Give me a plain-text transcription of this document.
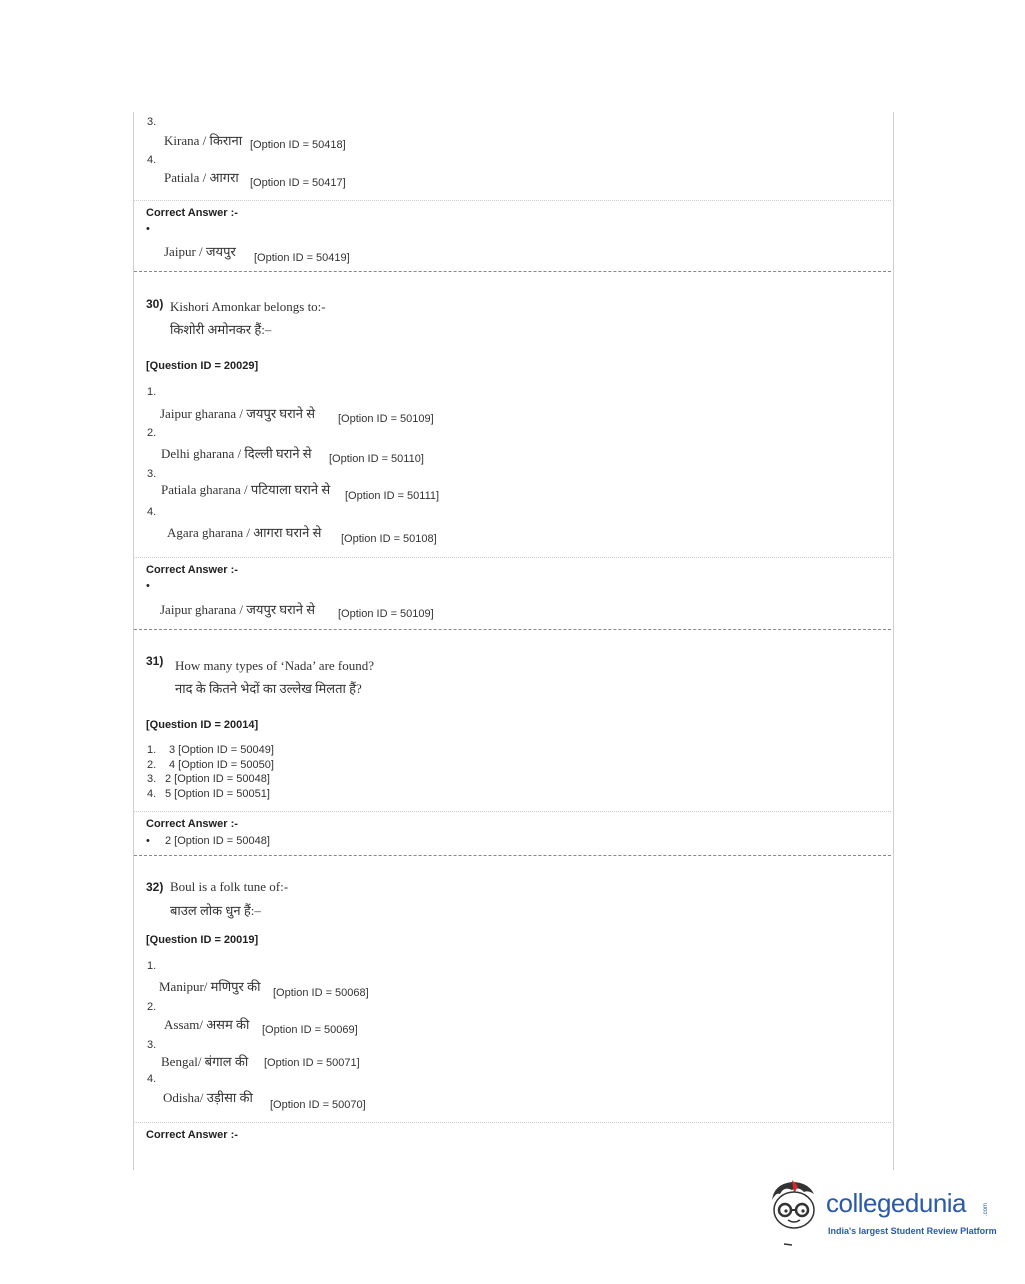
3.
Kirana / किराना [Option ID = 50418]
4.
Patiala / आगरा [Option ID = 50417]
Correct Answer :-
•
Jaipur / जयपुर [Option ID = 50419]
30) Kishori Amonkar belongs to:-
किशोरी अमोनकर हैं:–
[Question ID = 20029]
1.
Jaipur gharana / जयपुर घराने से [Option ID = 50109]
2.
Delhi gharana / दिल्ली घराने से [Option ID = 50110]
3.
Patiala gharana / पटियाला घराने से [Option ID = 50111]
4.
Agara gharana / आगरा घराने से [Option ID = 50108]
Correct Answer :-
•
Jaipur gharana / जयपुर घराने से [Option ID = 50109]
31) How many types of ‘Nada’ are found?
नाद के कितने भेदों का उल्लेख मिलता हैं?
[Question ID = 20014]
1. 3 [Option ID = 50049]
2. 4 [Option ID = 50050]
3. 2 [Option ID = 50048]
4. 5 [Option ID = 50051]
Correct Answer :-
• 2 [Option ID = 50048]
32) Boul is a folk tune of:-
बाउल लोक धुन हैं:–
[Question ID = 20019]
1.
Manipur/ मणिपुर की [Option ID = 50068]
2.
Assam/ असम की [Option ID = 50069]
3.
Bengal/ बंगाल की [Option ID = 50071]
4.
Odisha/ उड़ीसा की [Option ID = 50070]
Correct Answer :-
collegedunia	.com
India's largest Student Review Platform
